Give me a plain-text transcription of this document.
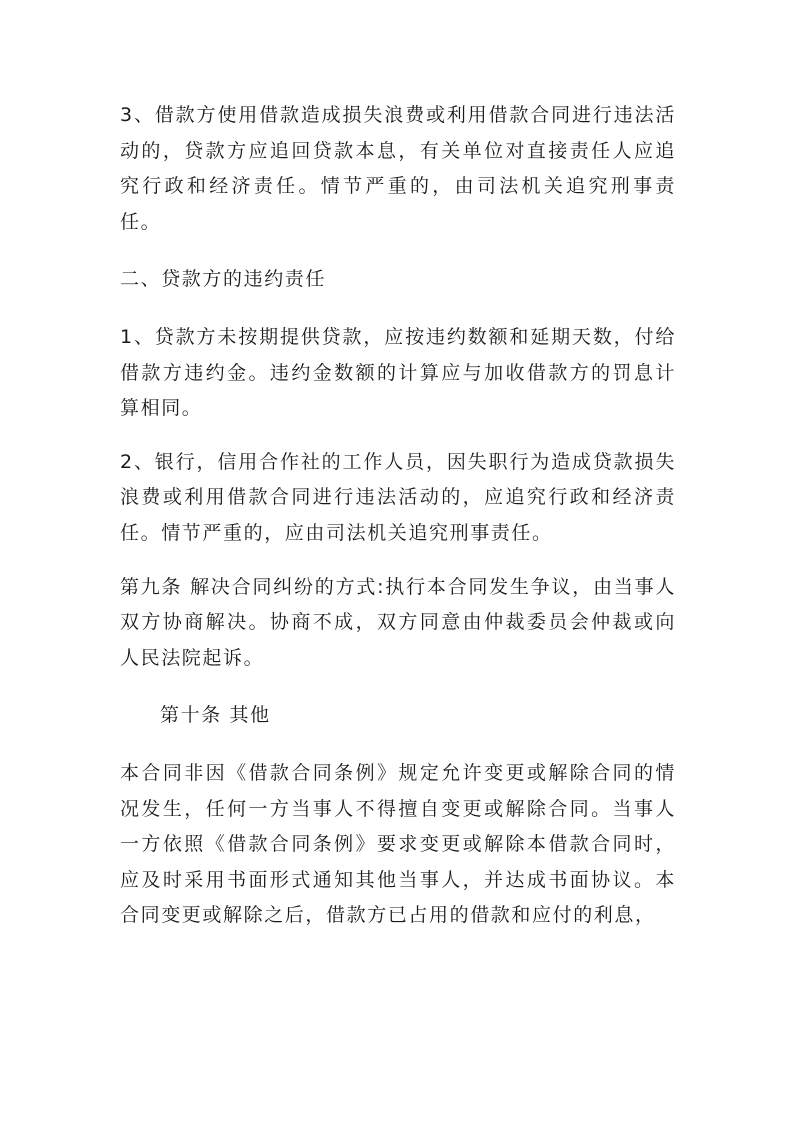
3、借款方使用借款造成损失浪费或利用借款合同进行违法活动的，贷款方应追回贷款本息，有关单位对直接责任人应追究行政和经济责任。情节严重的，由司法机关追究刑事责任。

二、贷款方的违约责任

1、贷款方未按期提供贷款，应按违约数额和延期天数，付给借款方违约金。违约金数额的计算应与加收借款方的罚息计算相同。

2、银行，信用合作社的工作人员，因失职行为造成贷款损失浪费或利用借款合同进行违法活动的，应追究行政和经济责任。情节严重的，应由司法机关追究刑事责任。

第九条 解决合同纠纷的方式:执行本合同发生争议，由当事人双方协商解决。协商不成，双方同意由仲裁委员会仲裁或向人民法院起诉。

第十条 其他

本合同非因《借款合同条例》规定允许变更或解除合同的情况发生，任何一方当事人不得擅自变更或解除合同。当事人一方依照《借款合同条例》要求变更或解除本借款合同时，应及时采用书面形式通知其他当事人，并达成书面协议。本合同变更或解除之后，借款方已占用的借款和应付的利息，
